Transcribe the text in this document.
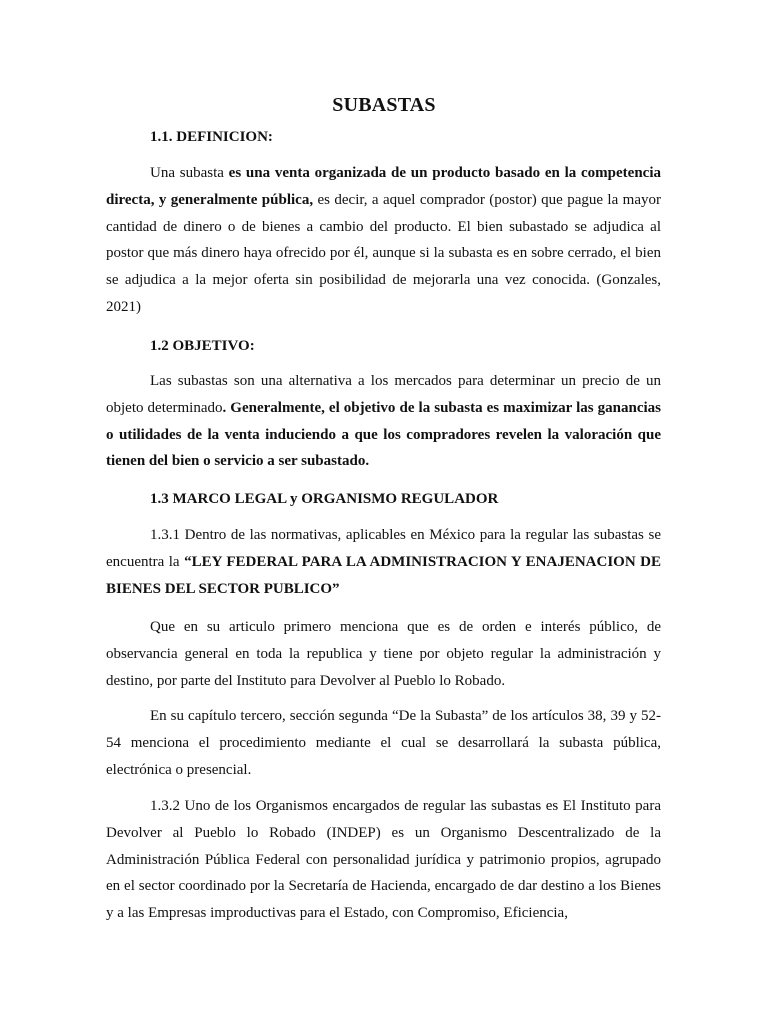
SUBASTAS
1.1. DEFINICION:

Una subasta es una venta organizada de un producto basado en la competencia directa, y generalmente pública, es decir, a aquel comprador (postor) que pague la mayor cantidad de dinero o de bienes a cambio del producto. El bien subastado se adjudica al postor que más dinero haya ofrecido por él, aunque si la subasta es en sobre cerrado, el bien se adjudica a la mejor oferta sin posibilidad de mejorarla una vez conocida. (Gonzales, 2021)

1.2 OBJETIVO:

Las subastas son una alternativa a los mercados para determinar un precio de un objeto determinado. Generalmente, el objetivo de la subasta es maximizar las ganancias o utilidades de la venta induciendo a que los compradores revelen la valoración que tienen del bien o servicio a ser subastado.

1.3 MARCO LEGAL y ORGANISMO REGULADOR

1.3.1 Dentro de las normativas, aplicables en México para la regular las subastas se encuentra la “LEY FEDERAL PARA LA ADMINISTRACION Y ENAJENACION DE BIENES DEL SECTOR PUBLICO”

Que en su articulo primero menciona que es de orden e interés público, de observancia general en toda la republica y tiene por objeto regular la administración y destino, por parte del Instituto para Devolver al Pueblo lo Robado.

En su capítulo tercero, sección segunda “De la Subasta” de los artículos 38, 39 y 52-54 menciona el procedimiento mediante el cual se desarrollará la subasta pública, electrónica o presencial.

1.3.2 Uno de los Organismos encargados de regular las subastas es El Instituto para Devolver al Pueblo lo Robado (INDEP) es un Organismo Descentralizado de la Administración Pública Federal con personalidad jurídica y patrimonio propios, agrupado en el sector coordinado por la Secretaría de Hacienda, encargado de dar destino a los Bienes y a las Empresas improductivas para el Estado, con Compromiso, Eficiencia,
